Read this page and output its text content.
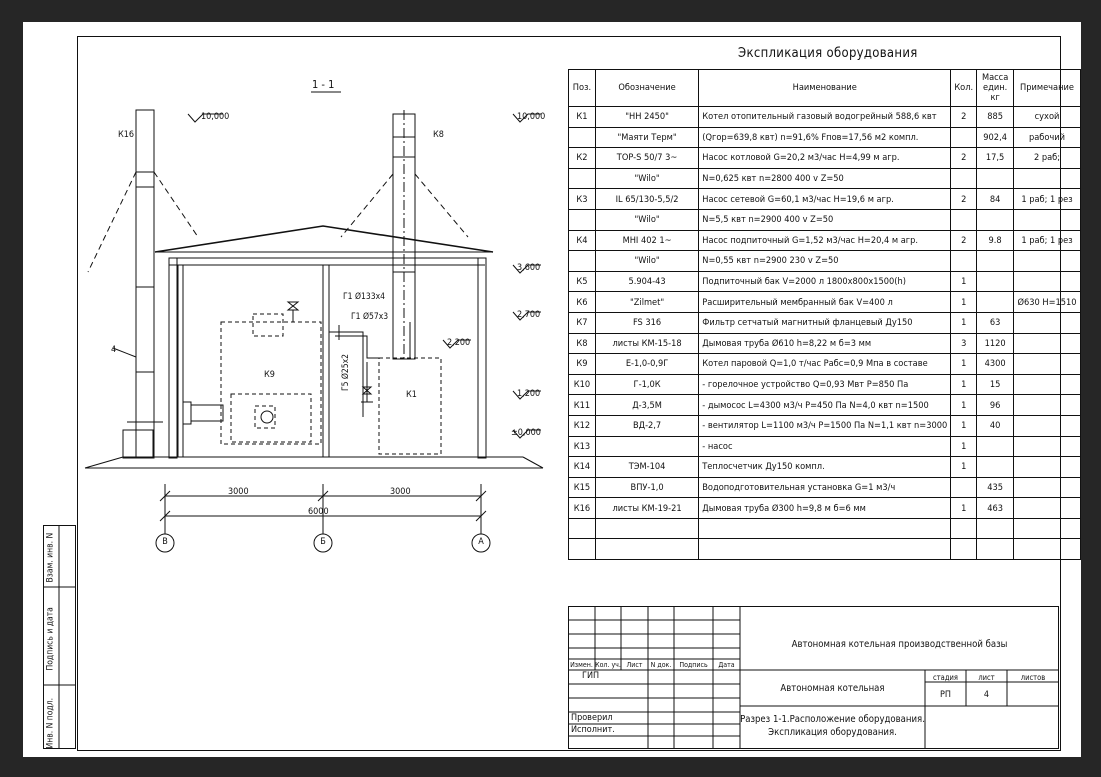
Взам. инв. N
Подпись и дата
Инв. N подл.
1 - 1
10,000	10,000
3,600
2,700
2,200
1,200
±0,000
К16	К8
К9
К1
4
Г1 Ø133х4
Г1 Ø57х3
Г5 Ø25х2
3000	3000
6000
В	Б	А
Экспликация оборудования
Поз.	Обозначение	Наименование	Кол.	Масса
един.
кг	Примечание
К1	"НН 2450"	Котел отопительный газовый водогрейный 588,6 квт	2	885	сухой
	"Маяти Терм"	(Qгор=639,8 квт) n=91,6% Fпов=17,56 м2 компл.		902,4	рабочий
К2	TOP-S 50/7 3~	Насос котловой G=20,2 м3/час Н=4,99 м агр.	2	17,5	2 раб;
	"Wilo"	N=0,625 квт n=2800 400 v Z=50			
К3	IL 65/130-5,5/2	Насос сетевой G=60,1 м3/час Н=19,6 м агр.	2	84	1 раб; 1 рез
	"Wilo"	N=5,5 квт n=2900 400 v Z=50			
К4	MHI 402 1~	Насос подпиточный G=1,52 м3/час Н=20,4 м агр.	2	9.8	1 раб; 1 рез
	"Wilo"	N=0,55 квт n=2900 230 v Z=50			
К5	5.904-43	Подпиточный бак V=2000 л 1800х800х1500(h)	1		
К6	"Zilmet"	Расширительный мембранный бак V=400 л	1		Ø630 Н=1510
К7	FS 316	Фильтр сетчатый магнитный фланцевый Ду150	1	63	
К8	листы КМ-15-18	Дымовая труба Ø610 h=8,22 м б=3 мм	3	1120	
К9	Е-1,0-0,9Г	Котел паровой Q=1,0 т/час Рабс=0,9 Мпа в составе	1	4300	
К10	Г-1,0К	- горелочное устройство Q=0,93 Мвт Р=850 Па	1	15	
К11	Д-3,5М	- дымосос L=4300 м3/ч Р=450 Па N=4,0 квт n=1500	1	96	
К12	ВД-2,7	- вентилятор L=1100 м3/ч Р=1500 Па N=1,1 квт n=3000	1	40	
К13		- насос	1		
К14	ТЭМ-104	Теплосчетчик Ду150 компл.	1		
К15	ВПУ-1,0	Водоподготовительная установка G=1 м3/ч		435	
К16	листы КМ-19-21	Дымовая труба Ø300 h=9,8 м б=6 мм	1	463	

Измен. Кол. уч. Лист	N док.	Подпись	Дата
ГИП
Проверил
Исполнит.
Автономная котельная производственной базы
Автономная котельная
Разрез 1-1.Расположение оборудования.
Экспликация оборудования.
стадия	лист	листов
РП	4
